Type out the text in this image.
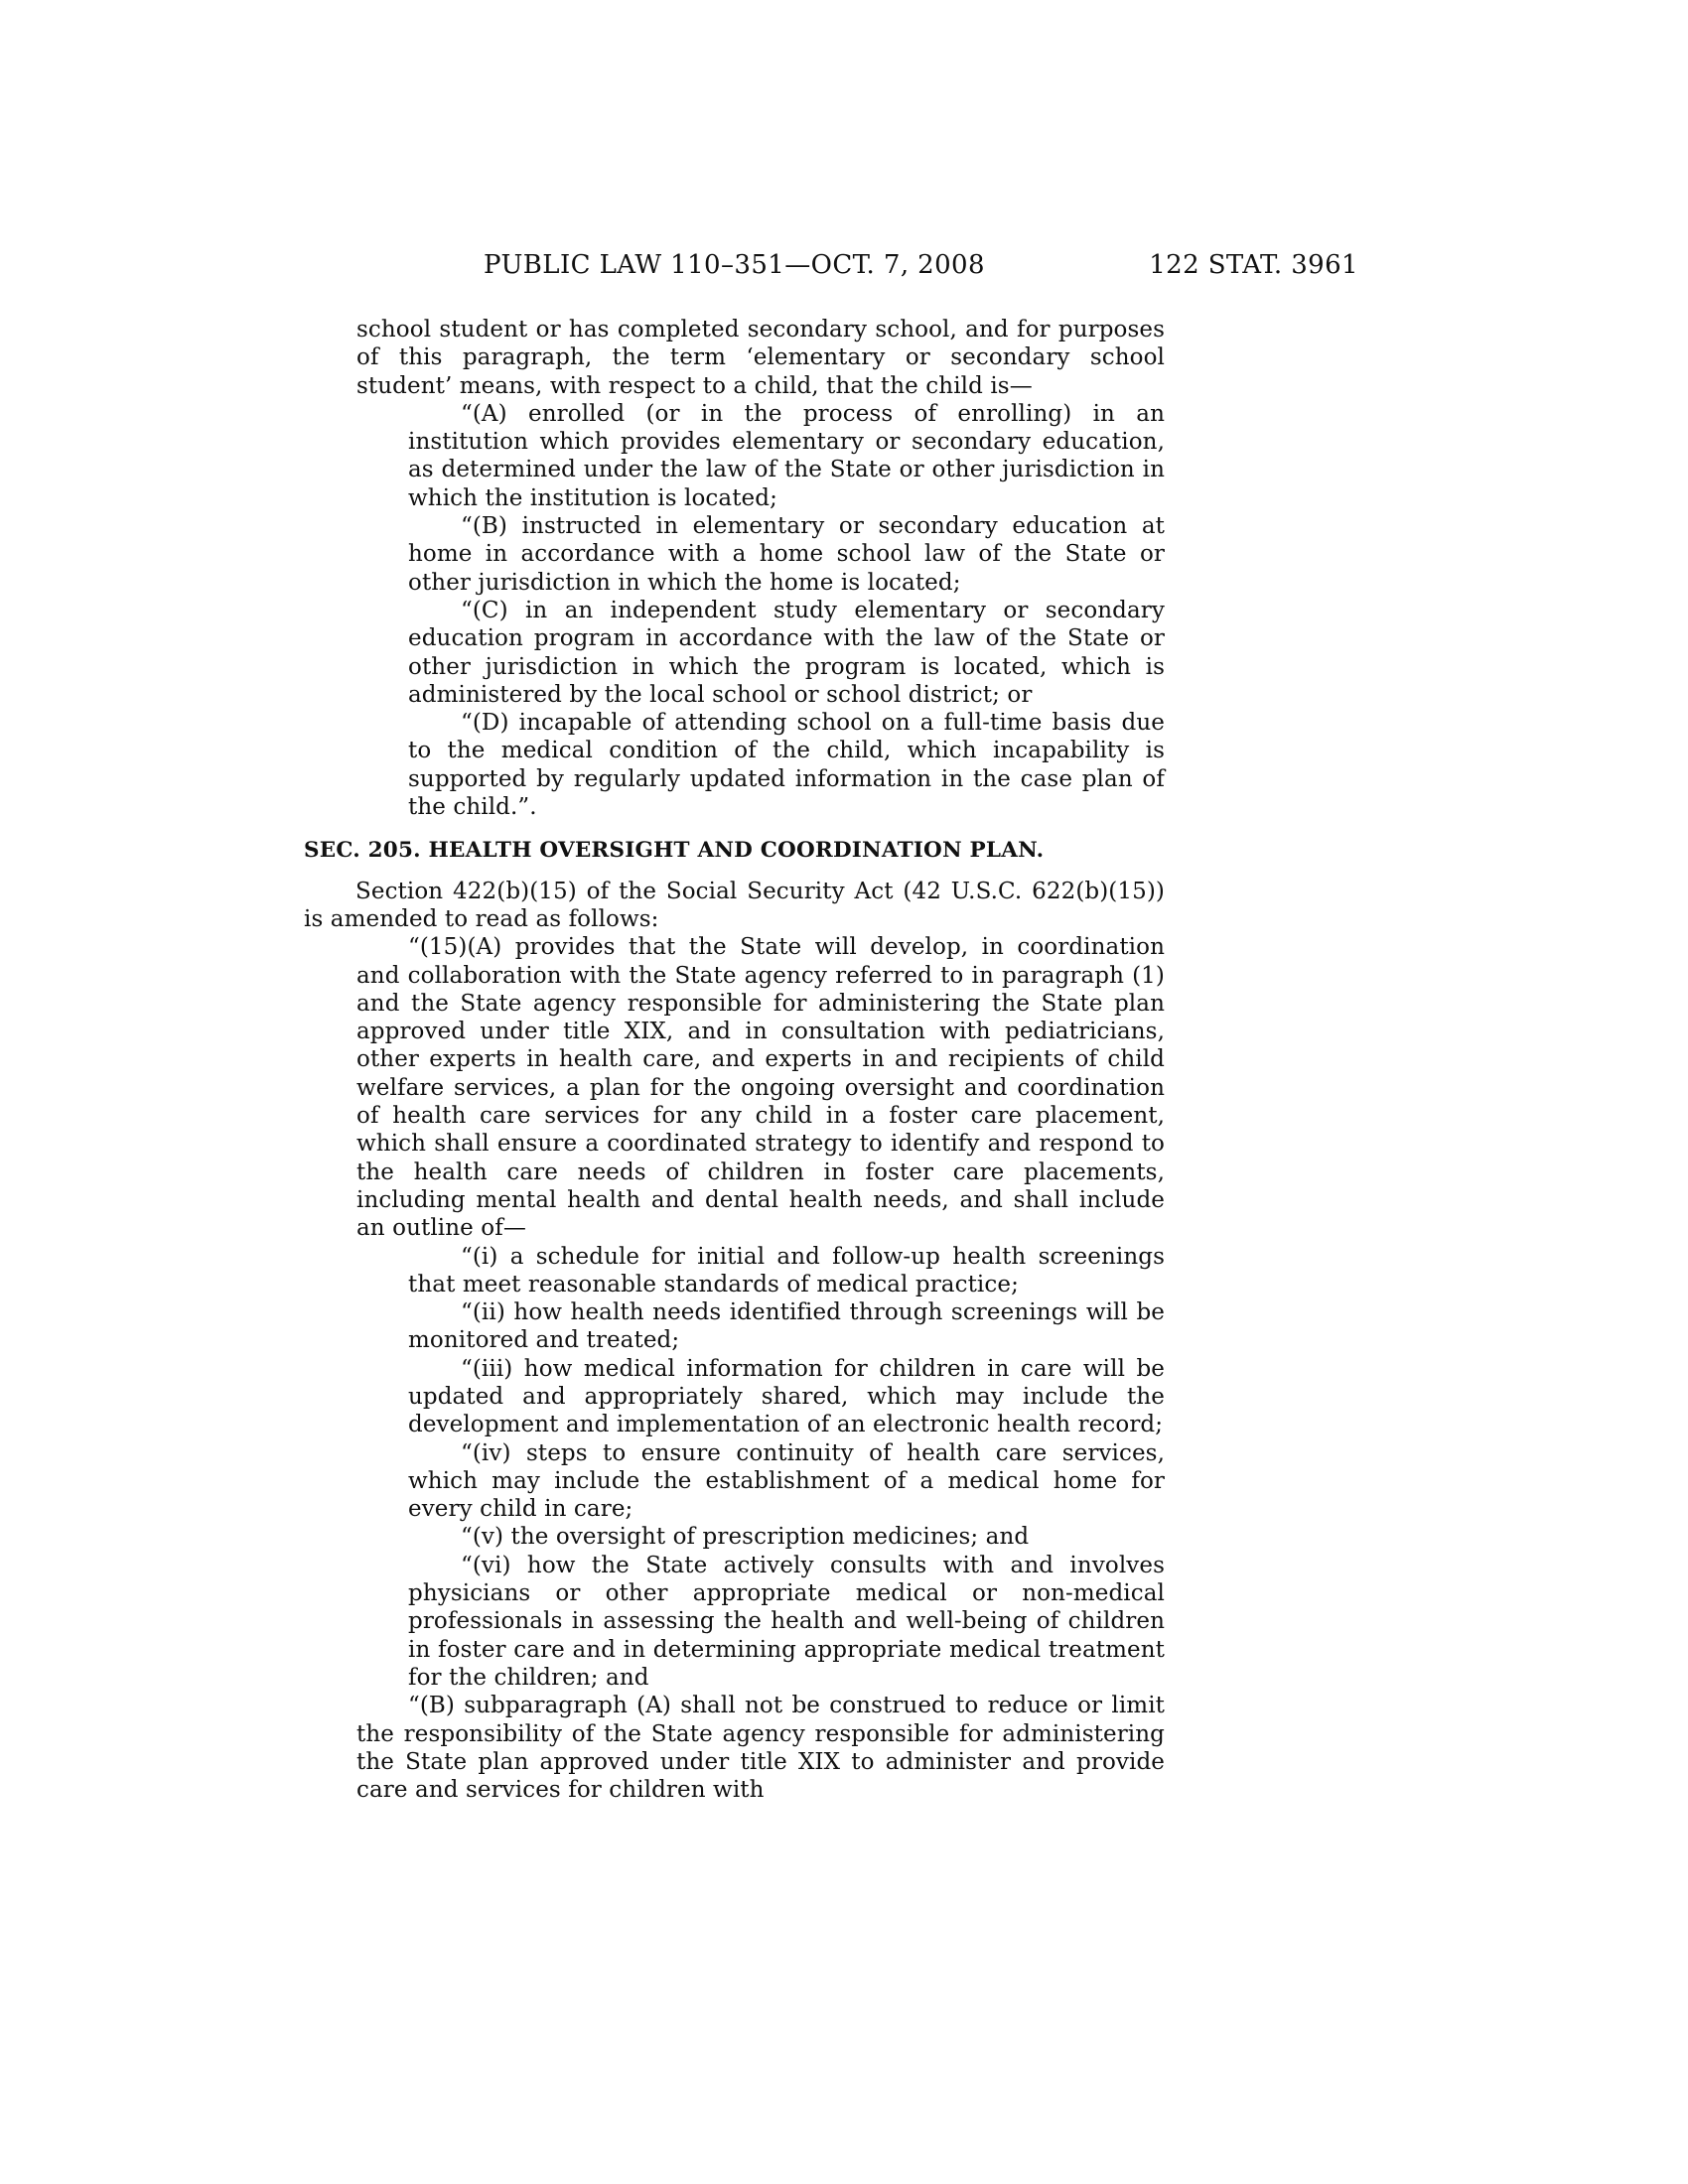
PUBLIC LAW 110–351—OCT. 7, 2008	122 STAT. 3961

school student or has completed secondary school, and for purposes of this paragraph, the term ‘elementary or secondary school student’ means, with respect to a child, that the child is—

“(A) enrolled (or in the process of enrolling) in an institution which provides elementary or secondary education, as determined under the law of the State or other jurisdiction in which the institution is located;

“(B) instructed in elementary or secondary education at home in accordance with a home school law of the State or other jurisdiction in which the home is located;

“(C) in an independent study elementary or secondary education program in accordance with the law of the State or other jurisdiction in which the program is located, which is administered by the local school or school district; or

“(D) incapable of attending school on a full-time basis due to the medical condition of the child, which incapability is supported by regularly updated information in the case plan of the child.”.

SEC. 205. HEALTH OVERSIGHT AND COORDINATION PLAN.

Section 422(b)(15) of the Social Security Act (42 U.S.C. 622(b)(15)) is amended to read as follows:

“(15)(A) provides that the State will develop, in coordination and collaboration with the State agency referred to in paragraph (1) and the State agency responsible for administering the State plan approved under title XIX, and in consultation with pediatricians, other experts in health care, and experts in and recipients of child welfare services, a plan for the ongoing oversight and coordination of health care services for any child in a foster care placement, which shall ensure a coordinated strategy to identify and respond to the health care needs of children in foster care placements, including mental health and dental health needs, and shall include an outline of—

“(i) a schedule for initial and follow-up health screenings that meet reasonable standards of medical practice;

“(ii) how health needs identified through screenings will be monitored and treated;

“(iii) how medical information for children in care will be updated and appropriately shared, which may include the development and implementation of an electronic health record;

“(iv) steps to ensure continuity of health care services, which may include the establishment of a medical home for every child in care;

“(v) the oversight of prescription medicines; and

“(vi) how the State actively consults with and involves physicians or other appropriate medical or non-medical professionals in assessing the health and well-being of children in foster care and in determining appropriate medical treatment for the children; and

“(B) subparagraph (A) shall not be construed to reduce or limit the responsibility of the State agency responsible for administering the State plan approved under title XIX to administer and provide care and services for children with
